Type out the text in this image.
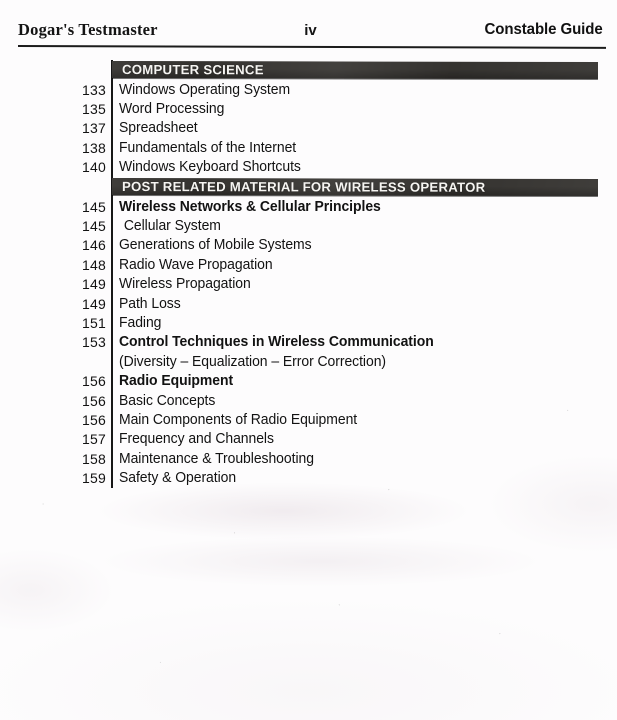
Dogar's Testmaster	iv	Constable Guide
COMPUTER SCIENCE
133 Windows Operating System
135 Word Processing
137 Spreadsheet
138 Fundamentals of the Internet
140 Windows Keyboard Shortcuts
POST RELATED MATERIAL FOR WIRELESS OPERATOR
145 Wireless Networks & Cellular Principles
145	Cellular System
146 Generations of Mobile Systems
148 Radio Wave Propagation
149 Wireless Propagation
149 Path Loss
151 Fading
153 Control Techniques in Wireless Communication
(Diversity – Equalization – Error Correction)
156 Radio Equipment
156 Basic Concepts
156 Main Components of Radio Equipment
157 Frequency and Channels
158 Maintenance & Troubleshooting
159 Safety & Operation
